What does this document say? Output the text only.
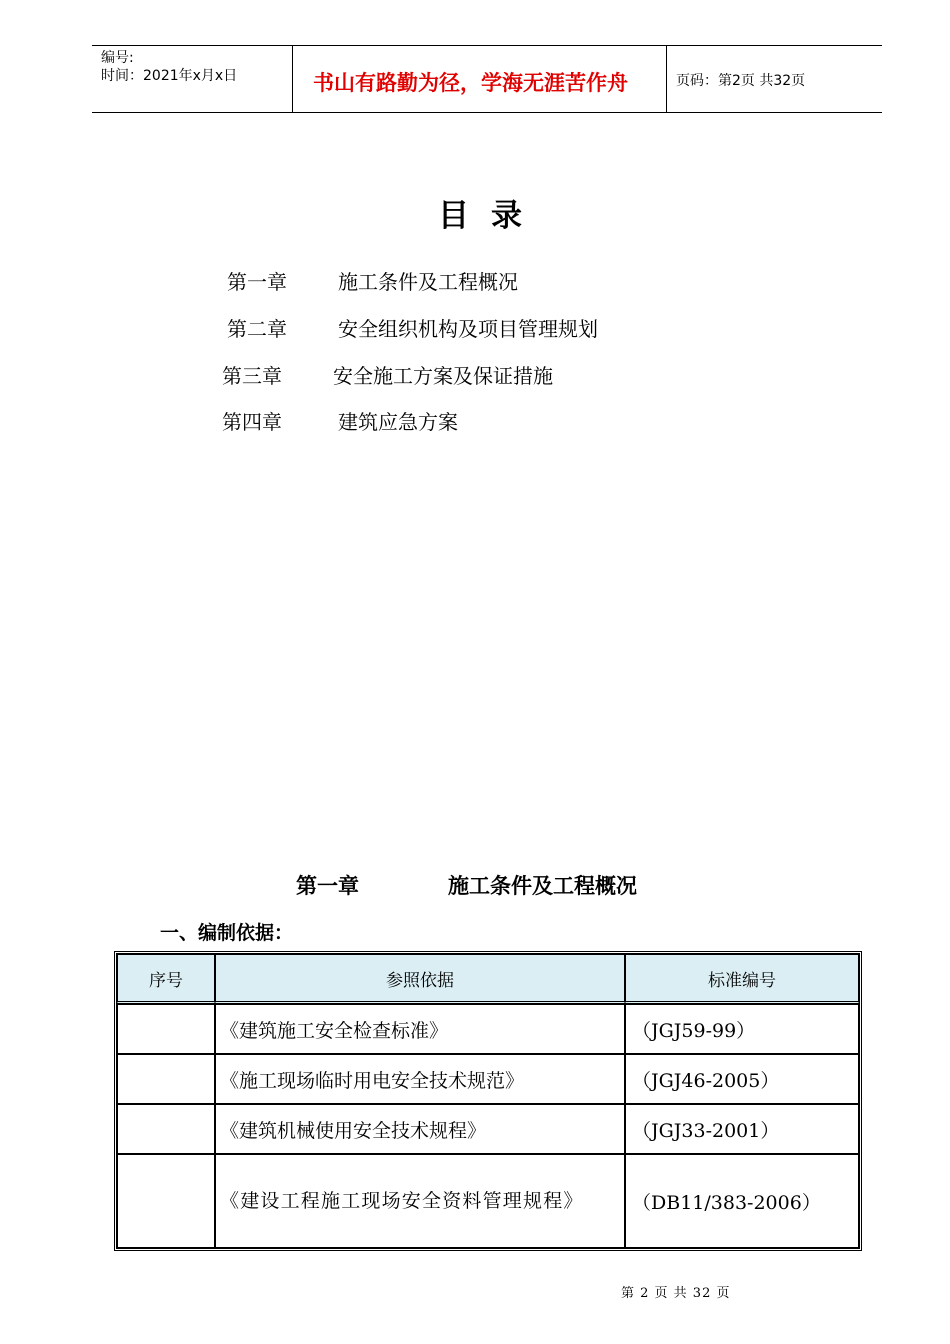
编号:
时间：2021年x月x日	书山有路勤为径，学海无涯苦作舟	页码：第2页 共32页
目录
第一章	施工条件及工程概况
第二章	安全组织机构及项目管理规划
第三章	安全施工方案及保证措施
第四章	建筑应急方案
第一章	施工条件及工程概况
一、编制依据：
序号	参照依据	标准编号
	《建筑施工安全检查标准》	（JGJ59-99）
	《施工现场临时用电安全技术规范》	（JGJ46-2005）
	《建筑机械使用安全技术规程》	（JGJ33-2001）
	《建设工程施工现场安全资料管理规程》	（DB11/383-2006）
第 2 页 共 32 页
